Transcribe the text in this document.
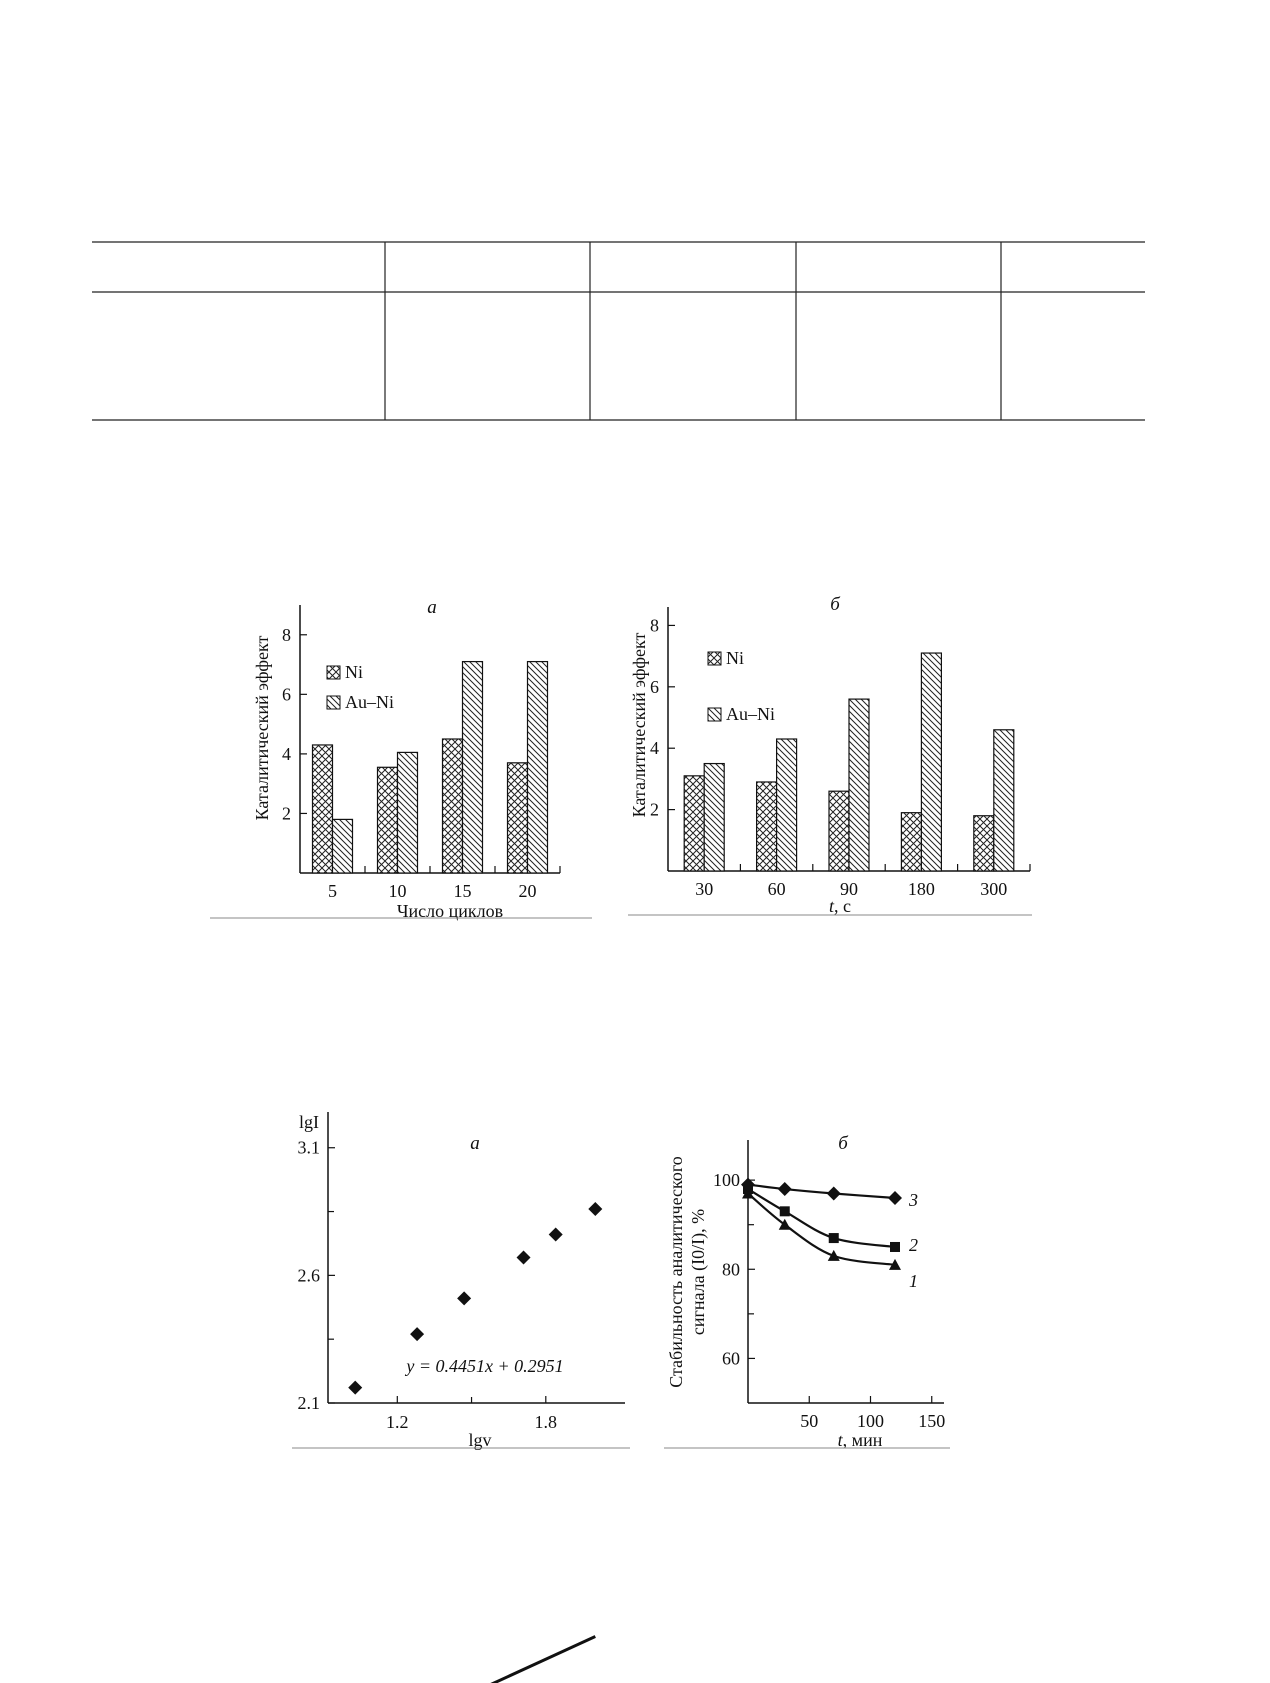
а
Каталитический эффект
Число циклов
2
4
6
8
5	10	15	20
Ni
Au–Ni
б
Каталитический эффект
t, с
2
4
6
8
30	60	90	180	300
Ni
Au–Ni
а
lgI
lgv
y = 0.4451x + 0.2951
2.1
2.6
3.1
1.2	1.8
б
Стабильность аналитического сигнала (I0/I), %
t, мин
60
80
100
50 100 150
1
2
3
